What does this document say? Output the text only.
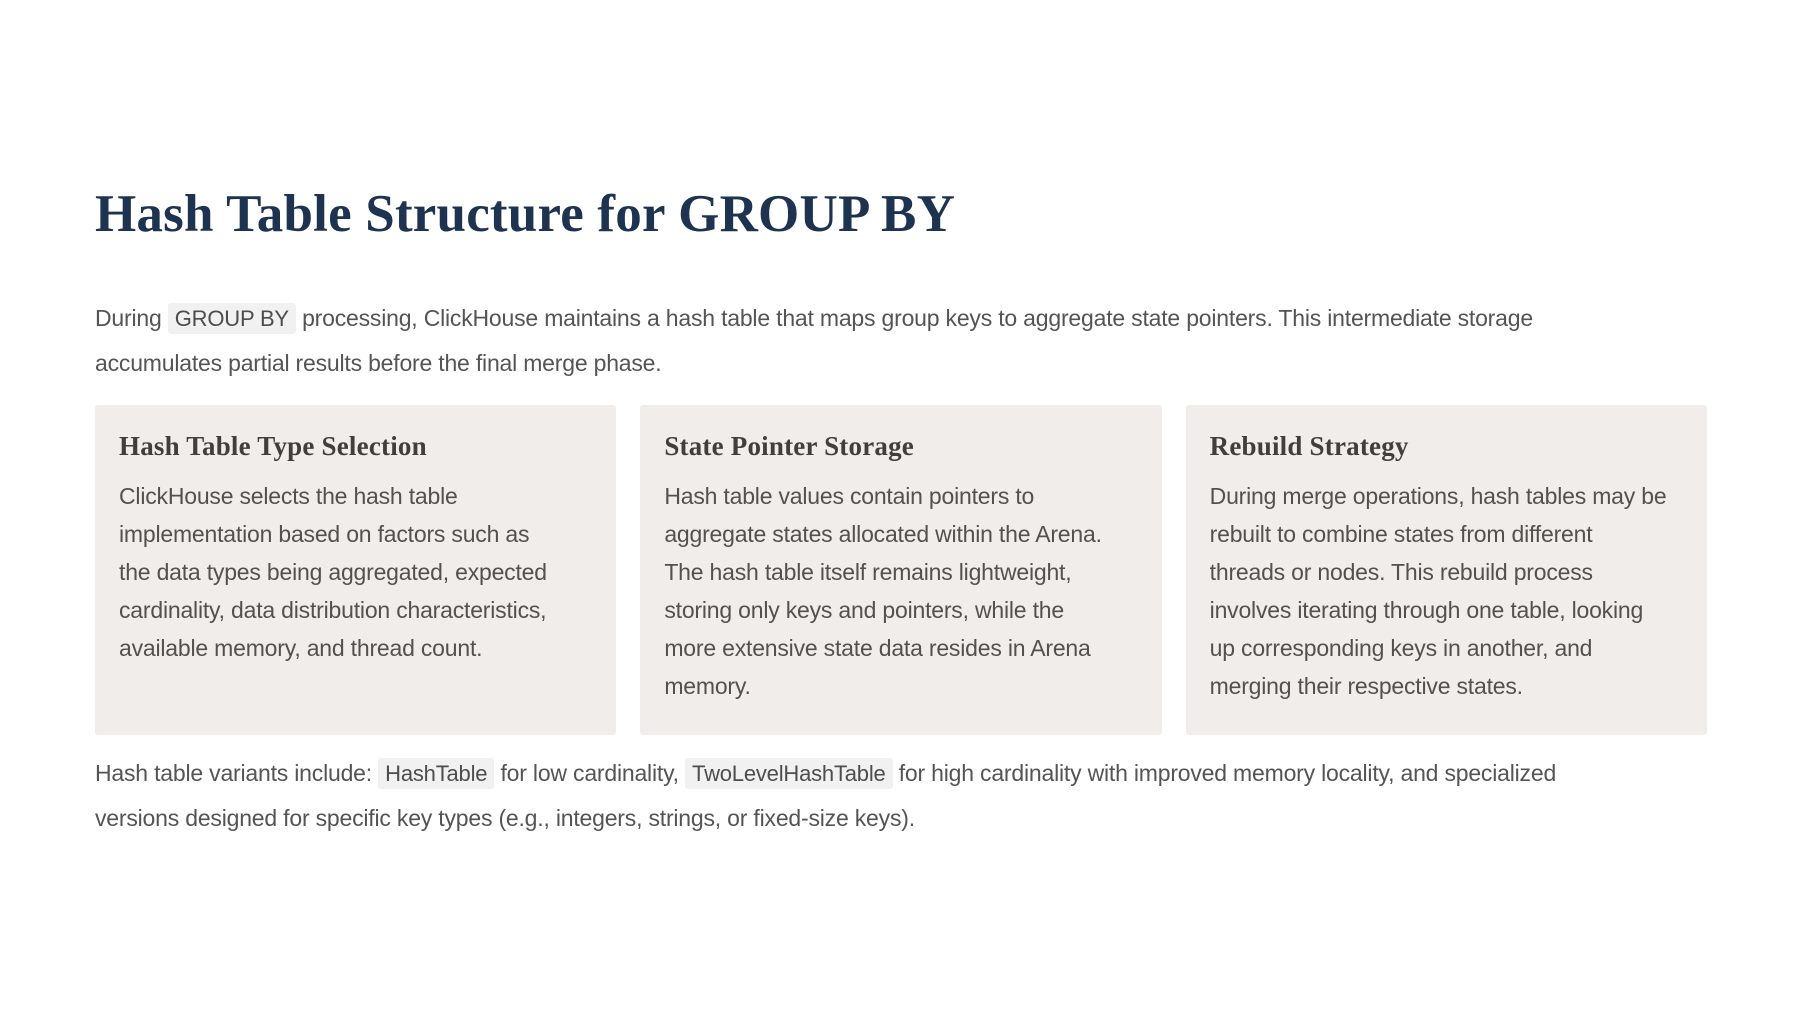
Hash Table Structure for GROUP BY

During GROUP BY processing, ClickHouse maintains a hash table that maps group keys to aggregate state pointers. This intermediate storage
accumulates partial results before the final merge phase.

Hash Table Type Selection
ClickHouse selects the hash table
implementation based on factors such as
the data types being aggregated, expected
cardinality, data distribution characteristics,
available memory, and thread count.
State Pointer Storage
Hash table values contain pointers to
aggregate states allocated within the Arena.
The hash table itself remains lightweight,
storing only keys and pointers, while the
more extensive state data resides in Arena
memory.
Rebuild Strategy
During merge operations, hash tables may be
rebuilt to combine states from different
threads or nodes. This rebuild process
involves iterating through one table, looking
up corresponding keys in another, and
merging their respective states.

Hash table variants include: HashTable for low cardinality, TwoLevelHashTable for high cardinality with improved memory locality, and specialized
versions designed for specific key types (e.g., integers, strings, or fixed-size keys).
